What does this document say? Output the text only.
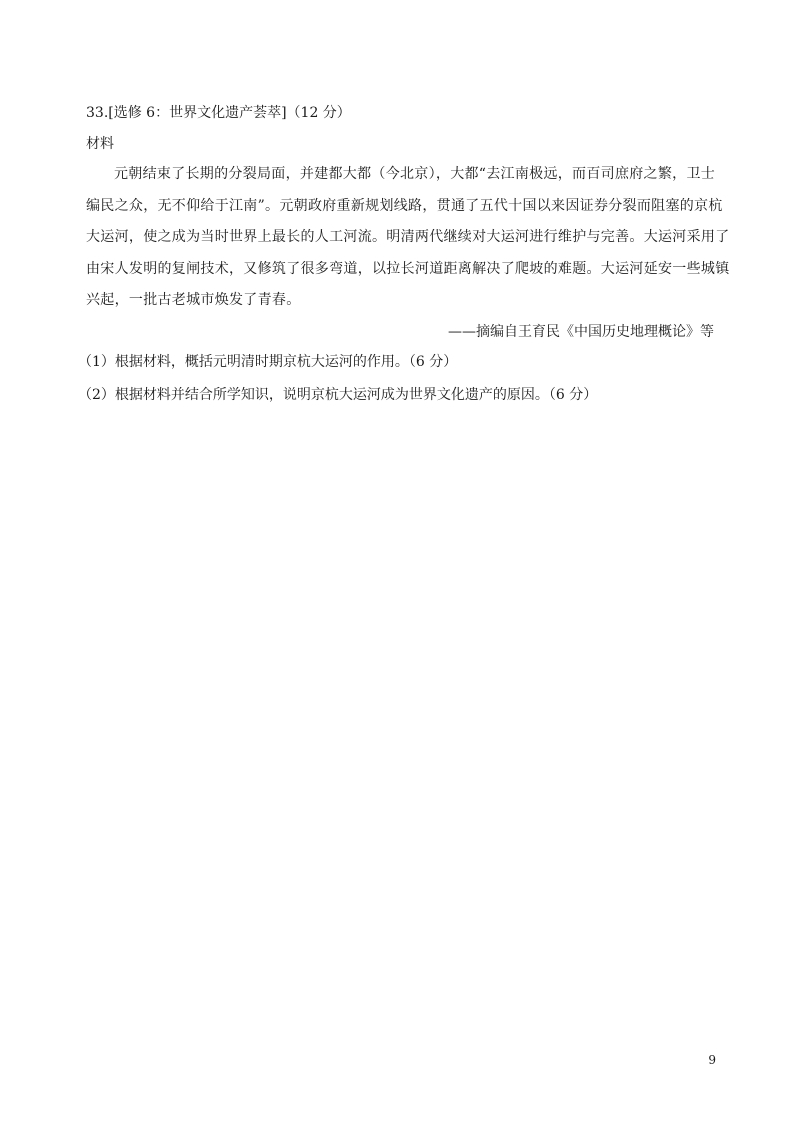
33.[选修 6：世界文化遗产荟萃]（12 分）
材料
元朝结束了长期的分裂局面，并建都大都（今北京），大都“去江南极远，而百司庶府之繁，卫士
编民之众，无不仰给于江南”。元朝政府重新规划线路，贯通了五代十国以来因证券分裂而阻塞的京杭
大运河，使之成为当时世界上最长的人工河流。明清两代继续对大运河进行维护与完善。大运河采用了
由宋人发明的复闸技术，又修筑了很多弯道，以拉长河道距离解决了爬坡的难题。大运河延安一些城镇
兴起，一批古老城市焕发了青春。
——摘编自王育民《中国历史地理概论》等
（1）根据材料，概括元明清时期京杭大运河的作用。（6 分）
（2）根据材料并结合所学知识，说明京杭大运河成为世界文化遗产的原因。（6 分）
9
